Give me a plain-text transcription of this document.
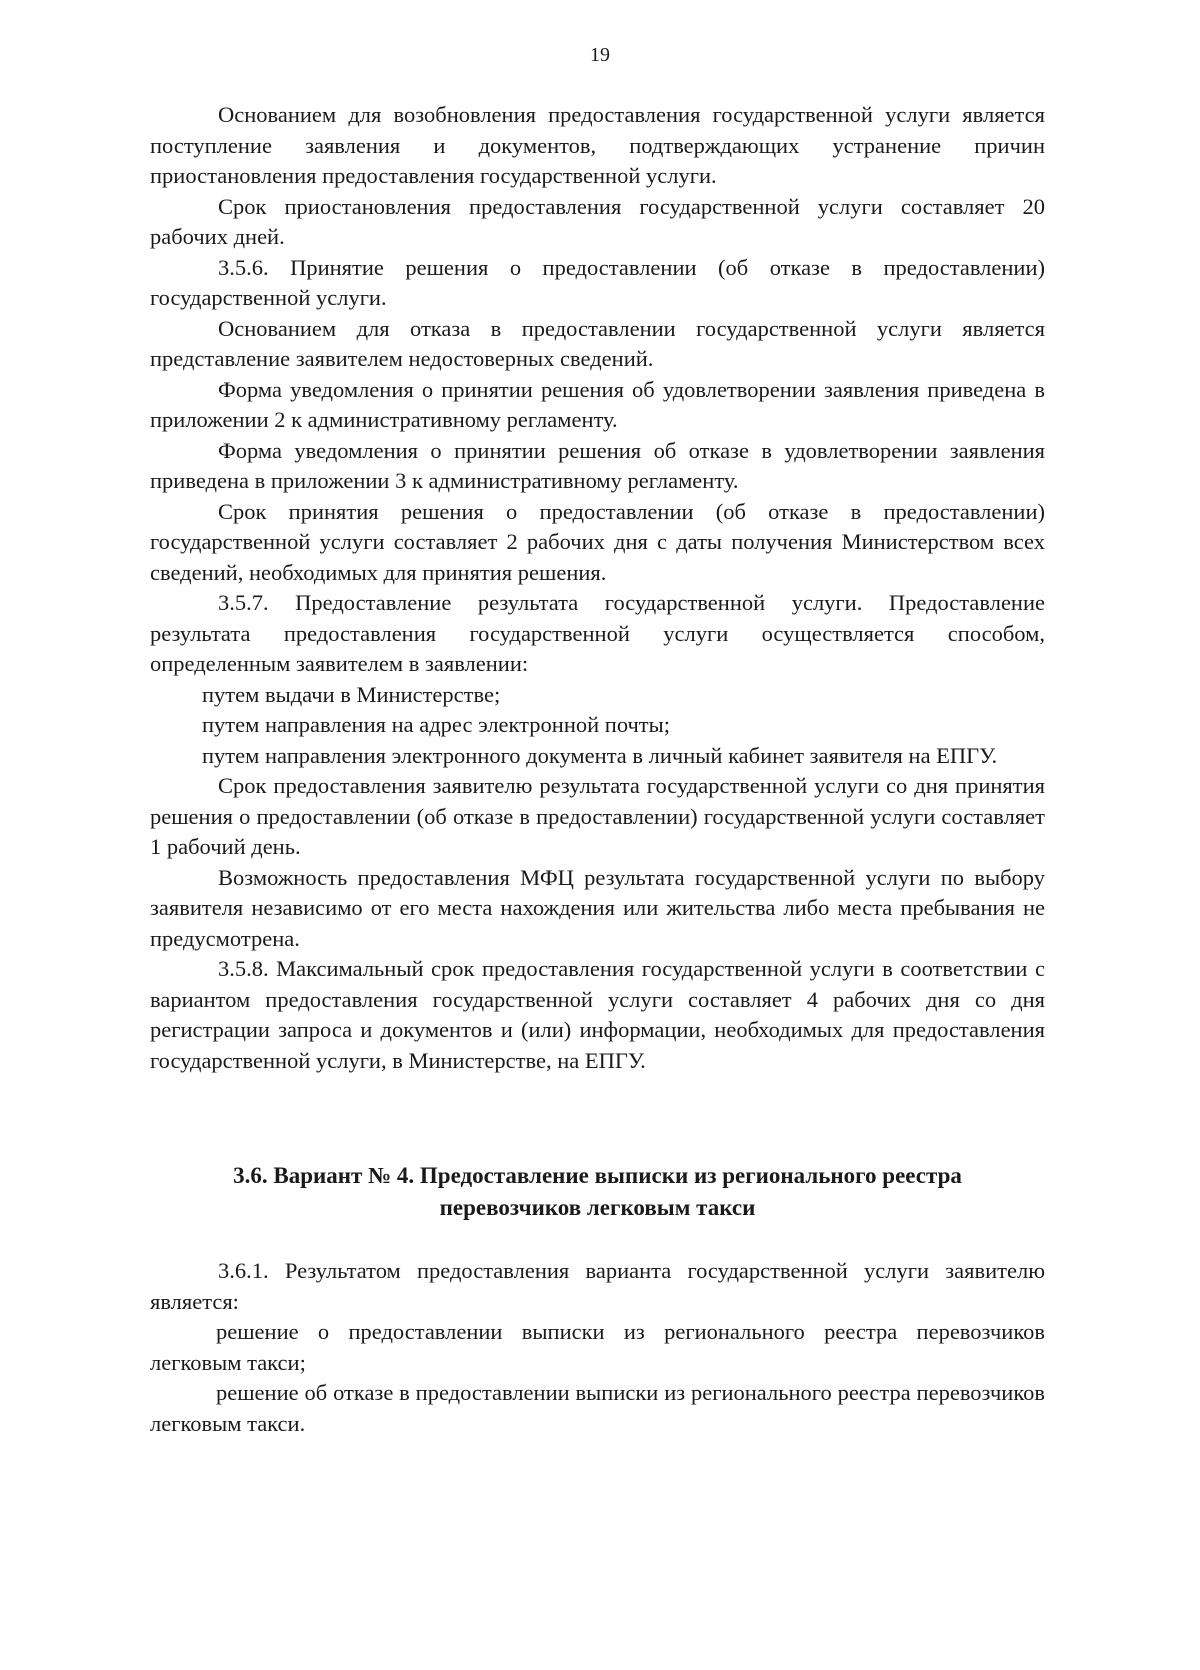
19

Основанием для возобновления предоставления государственной услуги является поступление заявления и документов, подтверждающих устранение причин приостановления предоставления государственной услуги.

Срок приостановления предоставления государственной услуги составляет 20 рабочих дней.

3.5.6. Принятие решения о предоставлении (об отказе в предоставлении) государственной услуги.

Основанием для отказа в предоставлении государственной услуги является представление заявителем недостоверных сведений.

Форма уведомления о принятии решения об удовлетворении заявления приведена в приложении 2 к административному регламенту.

Форма уведомления о принятии решения об отказе в удовлетворении заявления приведена в приложении 3 к административному регламенту.

Срок принятия решения о предоставлении (об отказе в предоставлении) государственной услуги составляет 2 рабочих дня с даты получения Министерством всех сведений, необходимых для принятия решения.

3.5.7. Предоставление результата государственной услуги. Предоставление результата предоставления государственной услуги осуществляется способом, определенным заявителем в заявлении:

путем выдачи в Министерстве;

путем направления на адрес электронной почты;

путем направления электронного документа в личный кабинет заявителя на ЕПГУ.

Срок предоставления заявителю результата государственной услуги со дня принятия решения о предоставлении (об отказе в предоставлении) государственной услуги составляет 1 рабочий день.

Возможность предоставления МФЦ результата государственной услуги по выбору заявителя независимо от его места нахождения или жительства либо места пребывания не предусмотрена.

3.5.8. Максимальный срок предоставления государственной услуги в соответствии с вариантом предоставления государственной услуги составляет 4 рабочих дня со дня регистрации запроса и документов и (или) информации, необходимых для предоставления государственной услуги, в Министерстве, на ЕПГУ.

3.6. Вариант № 4. Предоставление выписки из регионального реестра
перевозчиков легковым такси

3.6.1. Результатом предоставления варианта государственной услуги заявителю является:

решение о предоставлении выписки из регионального реестра перевозчиков легковым такси;

решение об отказе в предоставлении выписки из регионального реестра перевозчиков легковым такси.
